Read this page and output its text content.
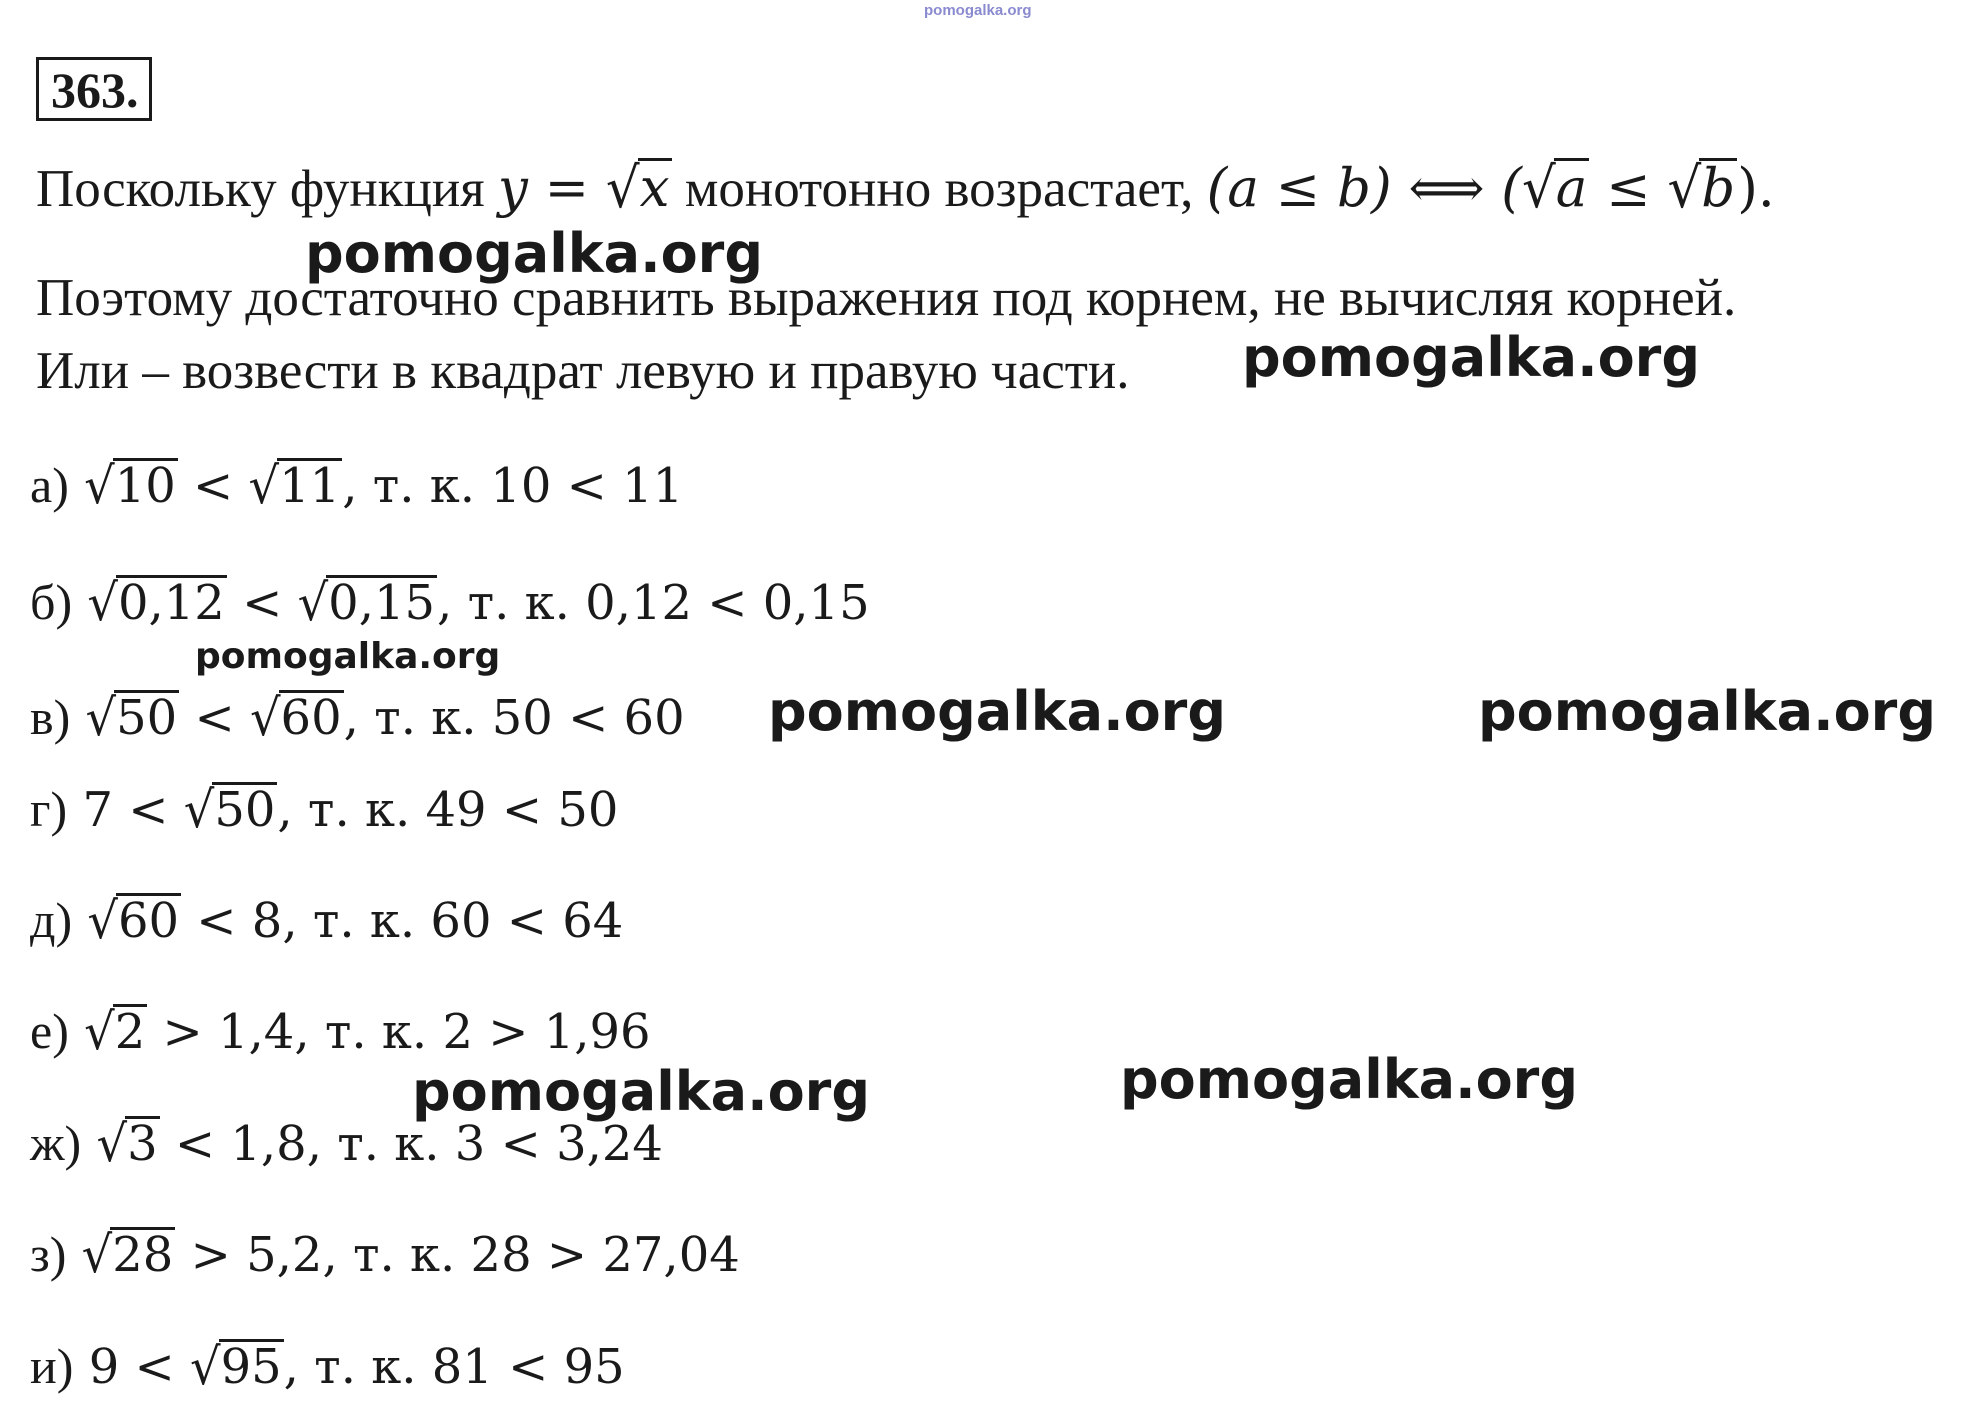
pomogalka.org
363.
Поскольку функция y = √x монотонно возрастает, (a ≤ b) ⟺ (√a ≤ √b).
Поэтому достаточно сравнить выражения под корнем, не вычисляя корней.
Или – возвести в квадрат левую и правую части.
а) √10 < √11, т. к. 10 < 11
б) √0,12 < √0,15, т. к. 0,12 < 0,15
в) √50 < √60, т. к. 50 < 60
г) 7 < √50, т. к. 49 < 50
д) √60 < 8, т. к. 60 < 64
е) √2 > 1,4, т. к. 2 > 1,96
ж) √3 < 1,8, т. к. 3 < 3,24
з) √28 > 5,2, т. к. 28 > 27,04
и) 9 < √95, т. к. 81 < 95
pomogalka.org
pomogalka.org
pomogalka.org
pomogalka.org	pomogalka.org
pomogalka.org
pomogalka.org
